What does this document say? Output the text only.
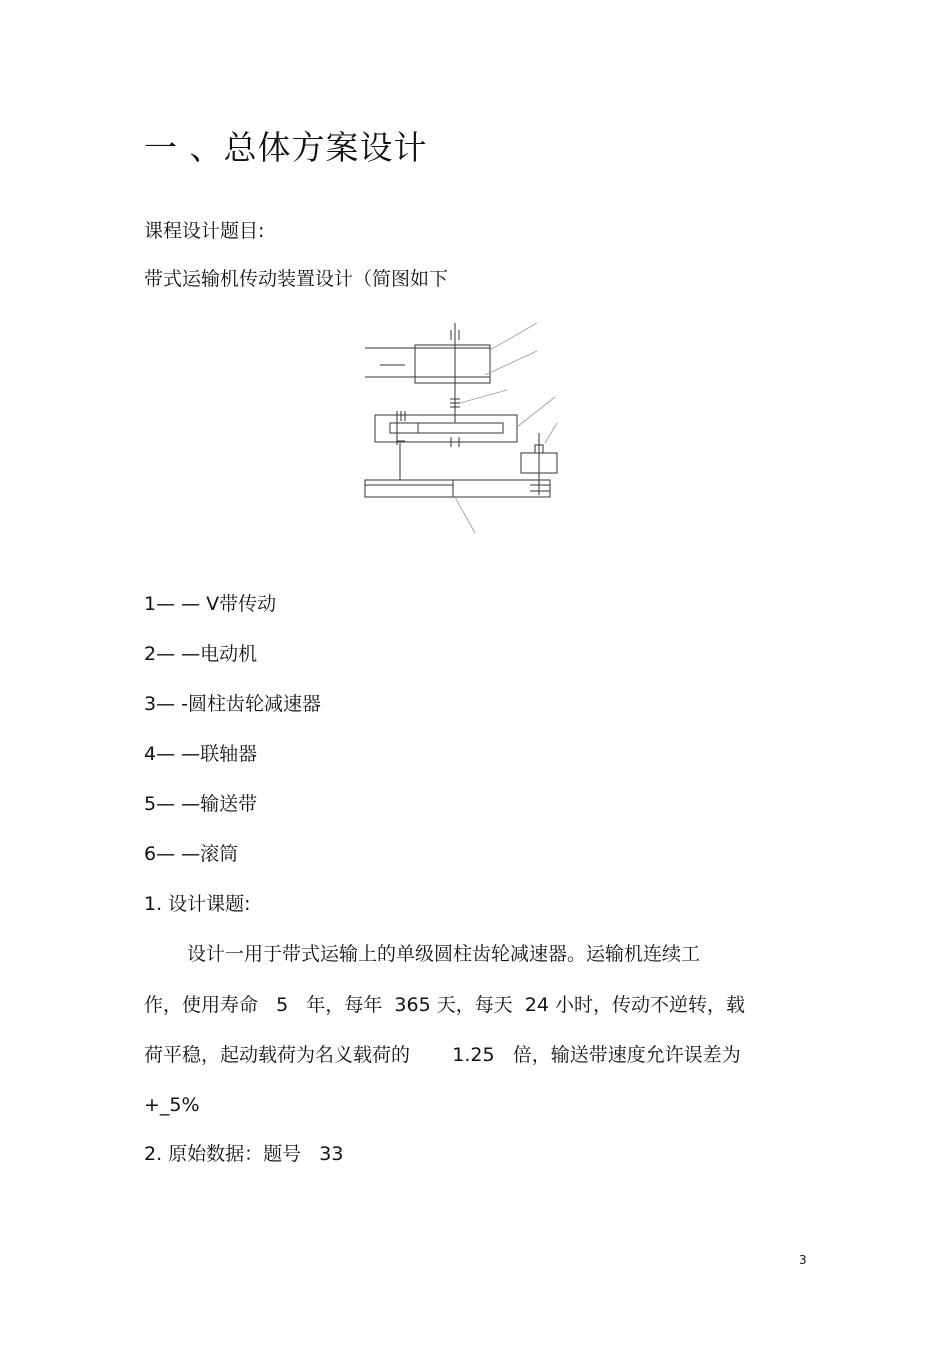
一 、总体方案设计
课程设计题目:
带式运输机传动装置设计（简图如下
1— — V带传动
2— —电动机
3— -圆柱齿轮减速器
4— —联轴器
5— —输送带
6— —滚筒
1. 设计课题:
设计一用于带式运输上的单级圆柱齿轮减速器。运输机连续工
作，使用寿命   5   年，每年  365 天，每天  24 小时，传动不逆转，载
荷平稳，起动载荷为名义载荷的       1.25   倍，输送带速度允许误差为
+_5%
2. 原始数据：题号   33
3
